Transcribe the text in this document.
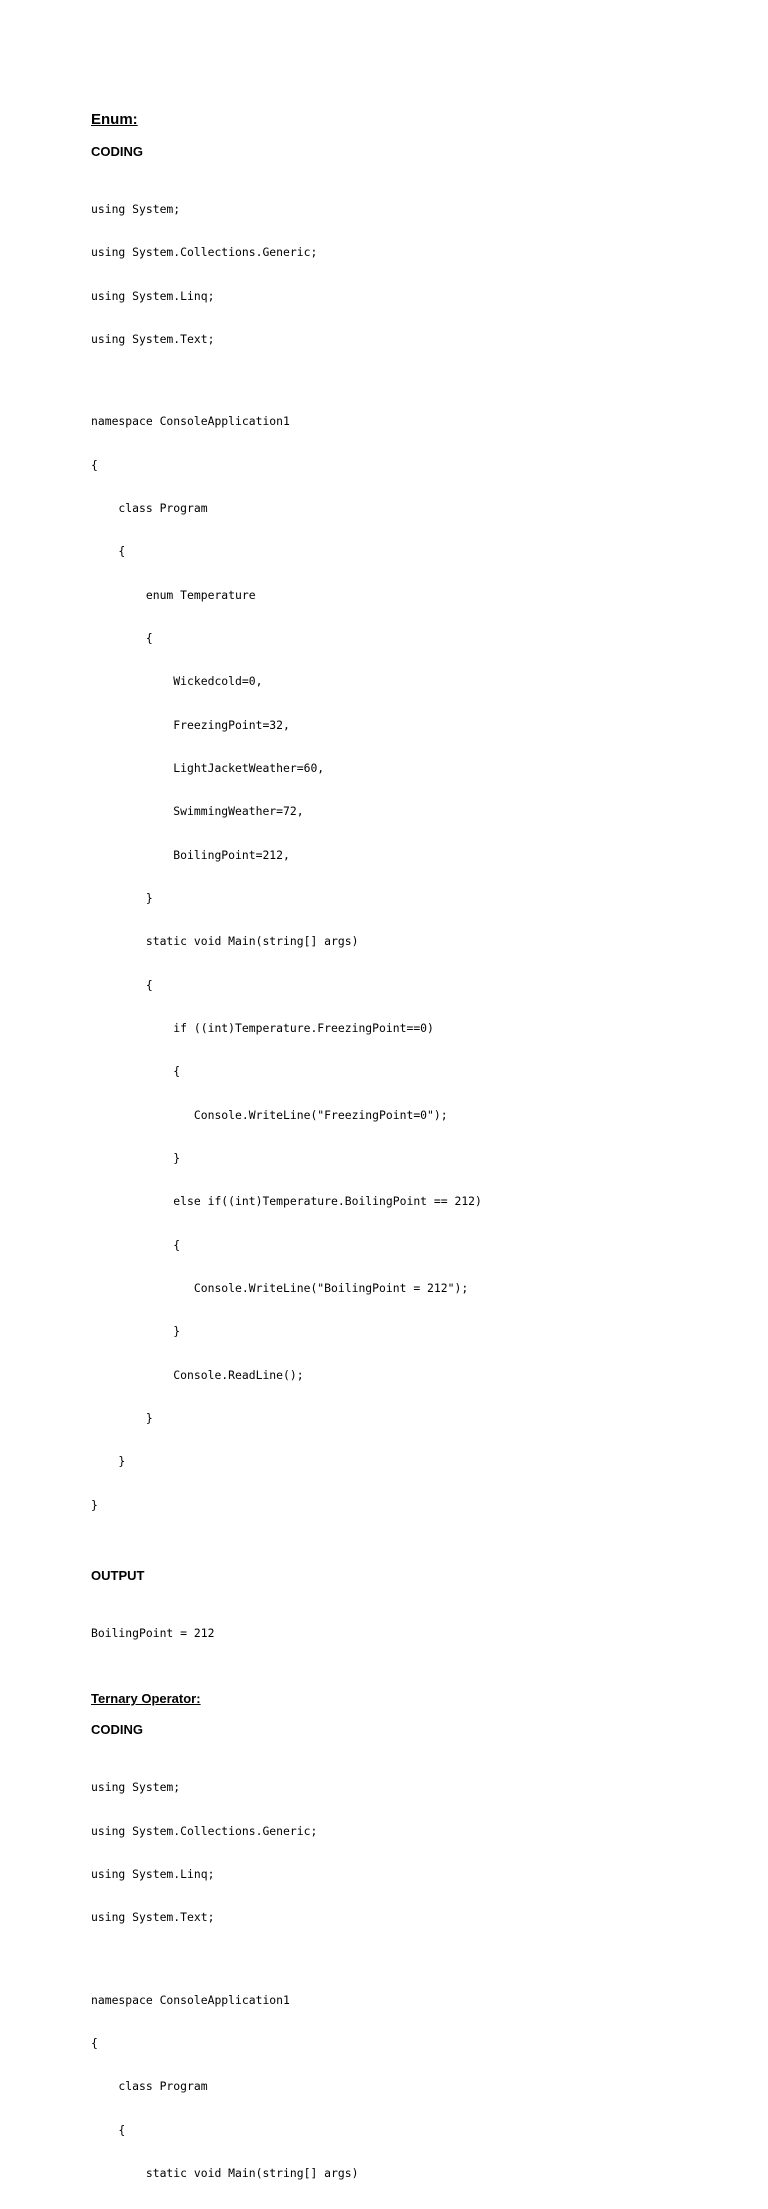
Enum:
CODING

using System;

using System.Collections.Generic;

using System.Linq;

using System.Text;

namespace ConsoleApplication1

{

class Program

{

enum Temperature

{

Wickedcold=0,

FreezingPoint=32,

LightJacketWeather=60,

SwimmingWeather=72,

BoilingPoint=212,

}

static void Main(string[] args)

{

if ((int)Temperature.FreezingPoint==0)

{

Console.WriteLine("FreezingPoint=0");

}

else if((int)Temperature.BoilingPoint == 212)

{

Console.WriteLine("BoilingPoint = 212");

}

Console.ReadLine();

}

}

}

OUTPUT

BoilingPoint = 212

Ternary Operator:
CODING

using System;

using System.Collections.Generic;

using System.Linq;

using System.Text;

namespace ConsoleApplication1

{

class Program

{

static void Main(string[] args)
